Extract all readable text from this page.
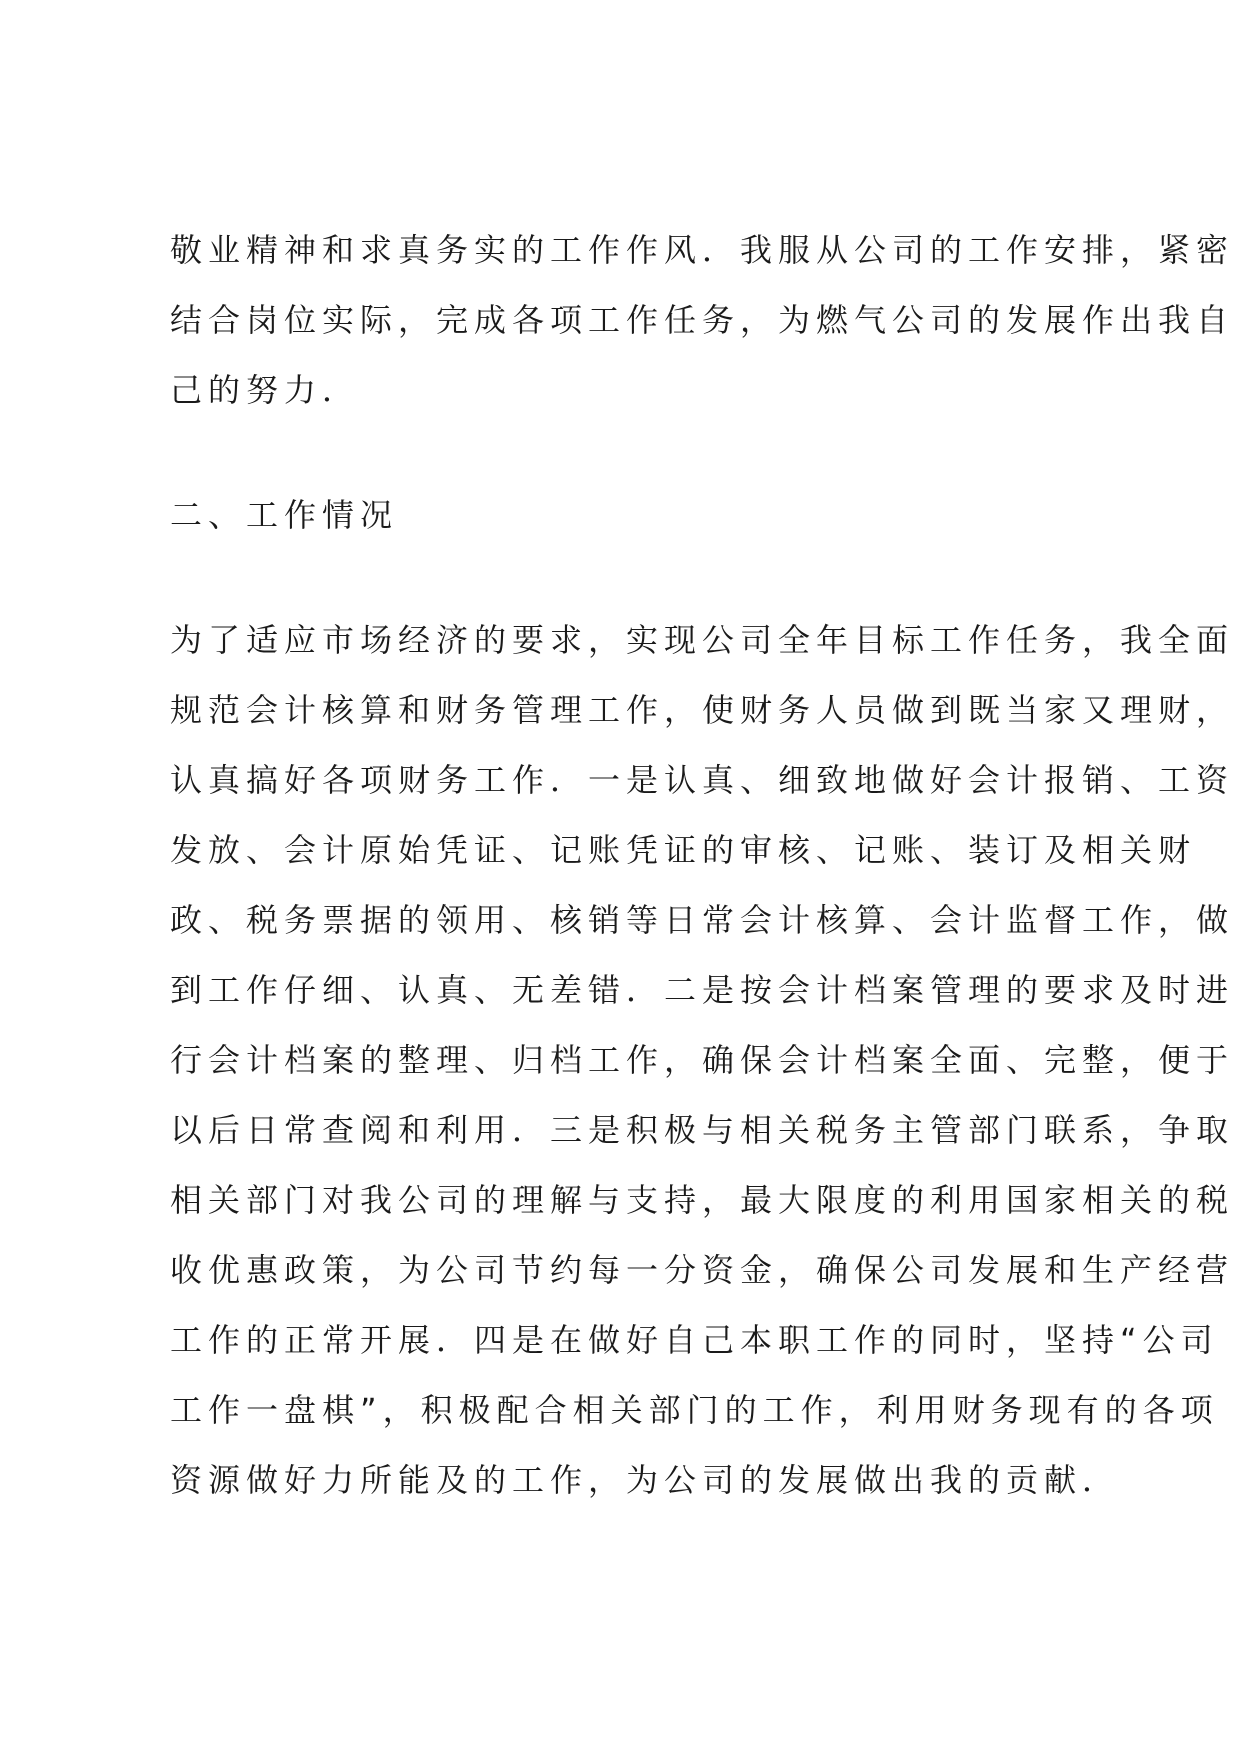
敬业精神和求真务实的工作作风．我服从公司的工作安排，紧密
结合岗位实际，完成各项工作任务，为燃气公司的发展作出我自
己的努力．
二、工作情况
为了适应市场经济的要求，实现公司全年目标工作任务，我全面
规范会计核算和财务管理工作，使财务人员做到既当家又理财，
认真搞好各项财务工作．一是认真、细致地做好会计报销、工资
发放、会计原始凭证、记账凭证的审核、记账、装订及相关财
政、税务票据的领用、核销等日常会计核算、会计监督工作，做
到工作仔细、认真、无差错．二是按会计档案管理的要求及时进
行会计档案的整理、归档工作，确保会计档案全面、完整，便于
以后日常查阅和利用．三是积极与相关税务主管部门联系，争取
相关部门对我公司的理解与支持，最大限度的利用国家相关的税
收优惠政策，为公司节约每一分资金，确保公司发展和生产经营
工作的正常开展．四是在做好自己本职工作的同时，坚持“公司
工作一盘棋”，积极配合相关部门的工作，利用财务现有的各项
资源做好力所能及的工作，为公司的发展做出我的贡献．
